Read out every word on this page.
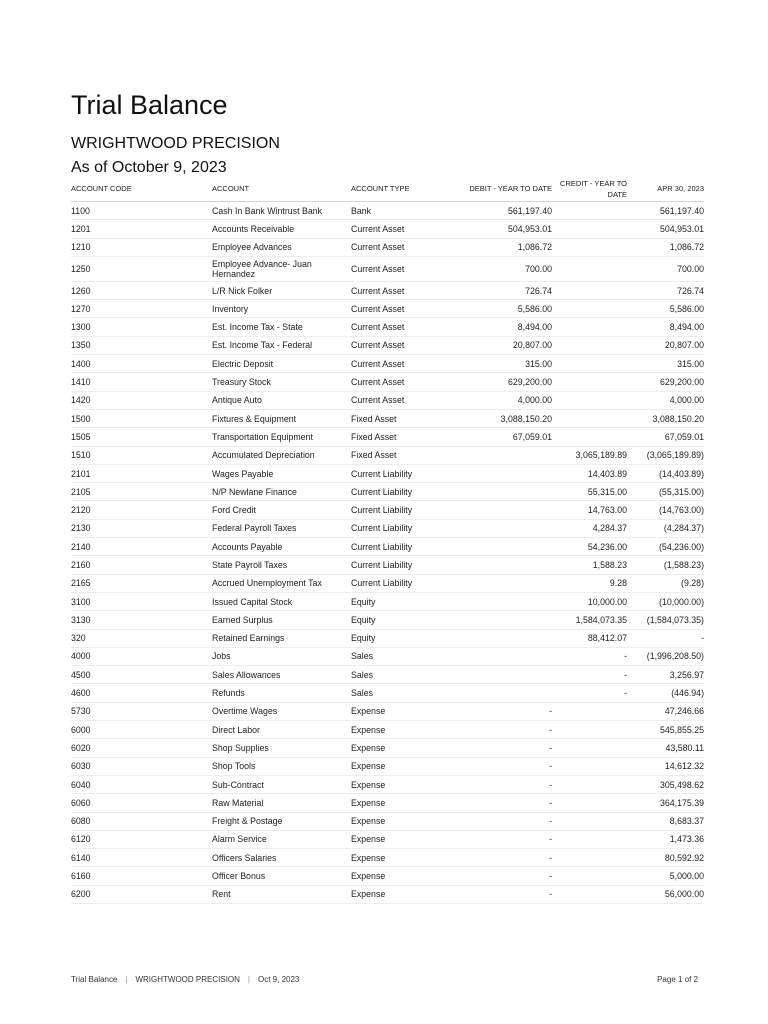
Trial Balance
WRIGHTWOOD PRECISION
As of October 9, 2023
ACCOUNT CODE	ACCOUNT	ACCOUNT TYPE	DEBIT - YEAR TO DATE	CREDIT - YEAR TO DATE	APR 30, 2023
1100	Cash In Bank Wintrust Bank	Bank	561,197.40		561,197.40
1201	Accounts Receivable	Current Asset	504,953.01		504,953.01
1210	Employee Advances	Current Asset	1,086.72		1,086.72
1250	Employee Advance- Juan Hernandez	Current Asset	700.00		700.00
1260	L/R Nick Folker	Current Asset	726.74		726.74
1270	Inventory	Current Asset	5,586.00		5,586.00
1300	Est. Income Tax - State	Current Asset	8,494.00		8,494.00
1350	Est. Income Tax - Federal	Current Asset	20,807.00		20,807.00
1400	Electric Deposit	Current Asset	315.00		315.00
1410	Treasury Stock	Current Asset	629,200.00		629,200.00
1420	Antique Auto	Current Asset	4,000.00		4,000.00
1500	Fixtures & Equipment	Fixed Asset	3,088,150.20		3,088,150.20
1505	Transportation Equipment	Fixed Asset	67,059.01		67,059.01
1510	Accumulated Depreciation	Fixed Asset		3,065,189.89	(3,065,189.89)
2101	Wages Payable	Current Liability		14,403.89	(14,403.89)
2105	N/P Newlane Finance	Current Liability		55,315.00	(55,315.00)
2120	Ford Credit	Current Liability		14,763.00	(14,763.00)
2130	Federal Payroll Taxes	Current Liability		4,284.37	(4,284.37)
2140	Accounts Payable	Current Liability		54,236.00	(54,236.00)
2160	State Payroll Taxes	Current Liability		1,588.23	(1,588.23)
2165	Accrued Unemployment Tax	Current Liability		9.28	(9.28)
3100	Issued Capital Stock	Equity		10,000.00	(10,000.00)
3130	Earned Surplus	Equity		1,584,073.35	(1,584,073.35)
320	Retained Earnings	Equity		88,412.07	-
4000	Jobs	Sales		-	(1,996,208.50)
4500	Sales Allowances	Sales		-	3,256.97
4600	Refunds	Sales		-	(446.94)
5730	Overtime Wages	Expense	-		47,246.66
6000	Direct Labor	Expense	-		545,855.25
6020	Shop Supplies	Expense	-		43,580.11
6030	Shop Tools	Expense	-		14,612.32
6040	Sub-Contract	Expense	-		305,498.62
6060	Raw Material	Expense	-		364,175.39
6080	Freight & Postage	Expense	-		8,683.37
6120	Alarm Service	Expense	-		1,473.36
6140	Officers Salaries	Expense	-		80,592.92
6160	Officer Bonus	Expense	-		5,000.00
6200	Rent	Expense	-		56,000.00
Trial Balance | WRIGHTWOOD PRECISION | Oct 9, 2023	Page 1 of 2
